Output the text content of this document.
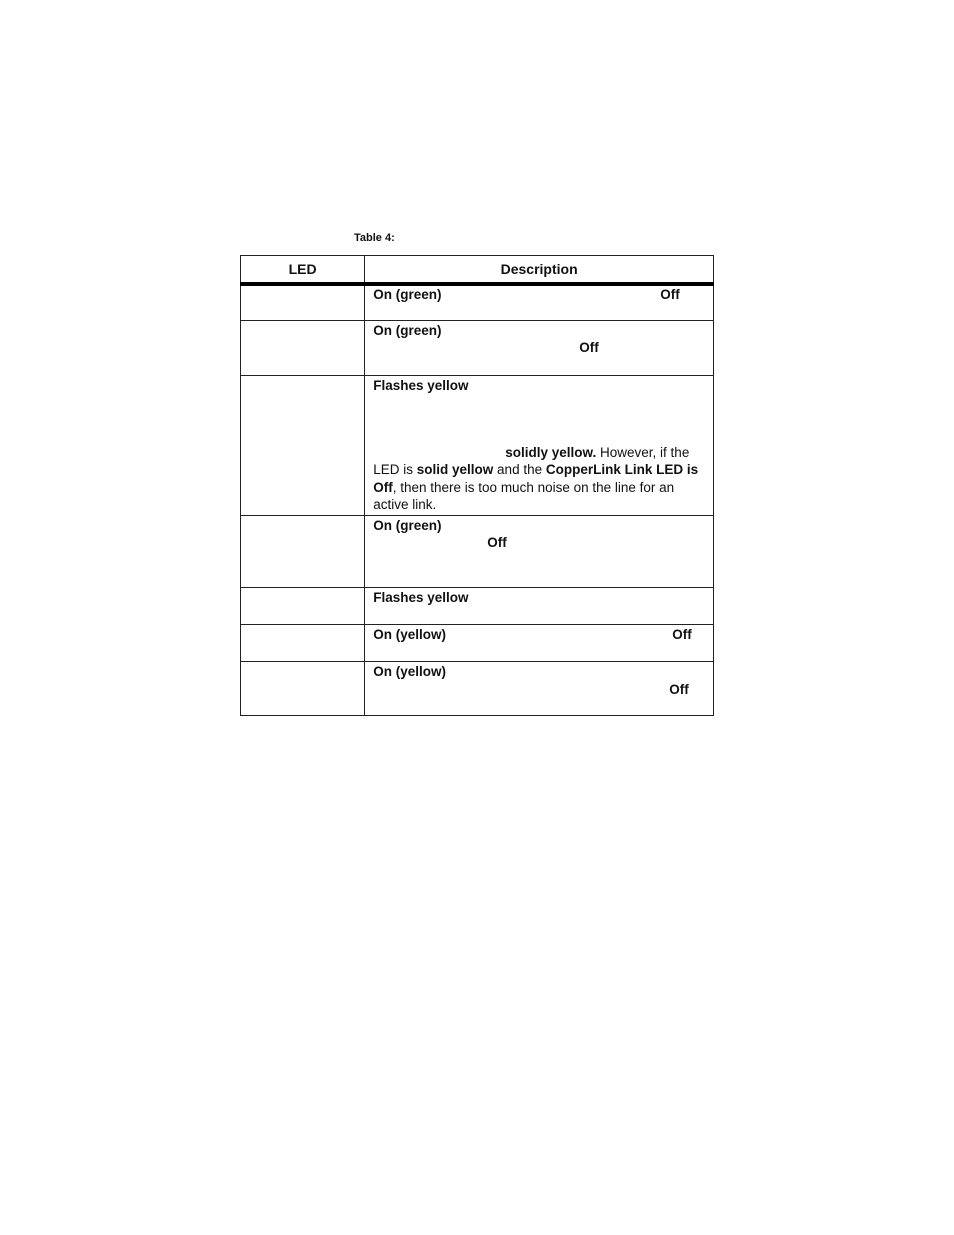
Table 4:
LED	Description

	On (green) Off

	On (green)
Off

	Flashes yellow
solidly yellow. However, if the LED is solid yellow and the CopperLink Link LED is Off, then there is too much noise on the line for an active link.

	On (green)
Off

	Flashes yellow

	On (yellow) Off

	On (yellow)
Off
